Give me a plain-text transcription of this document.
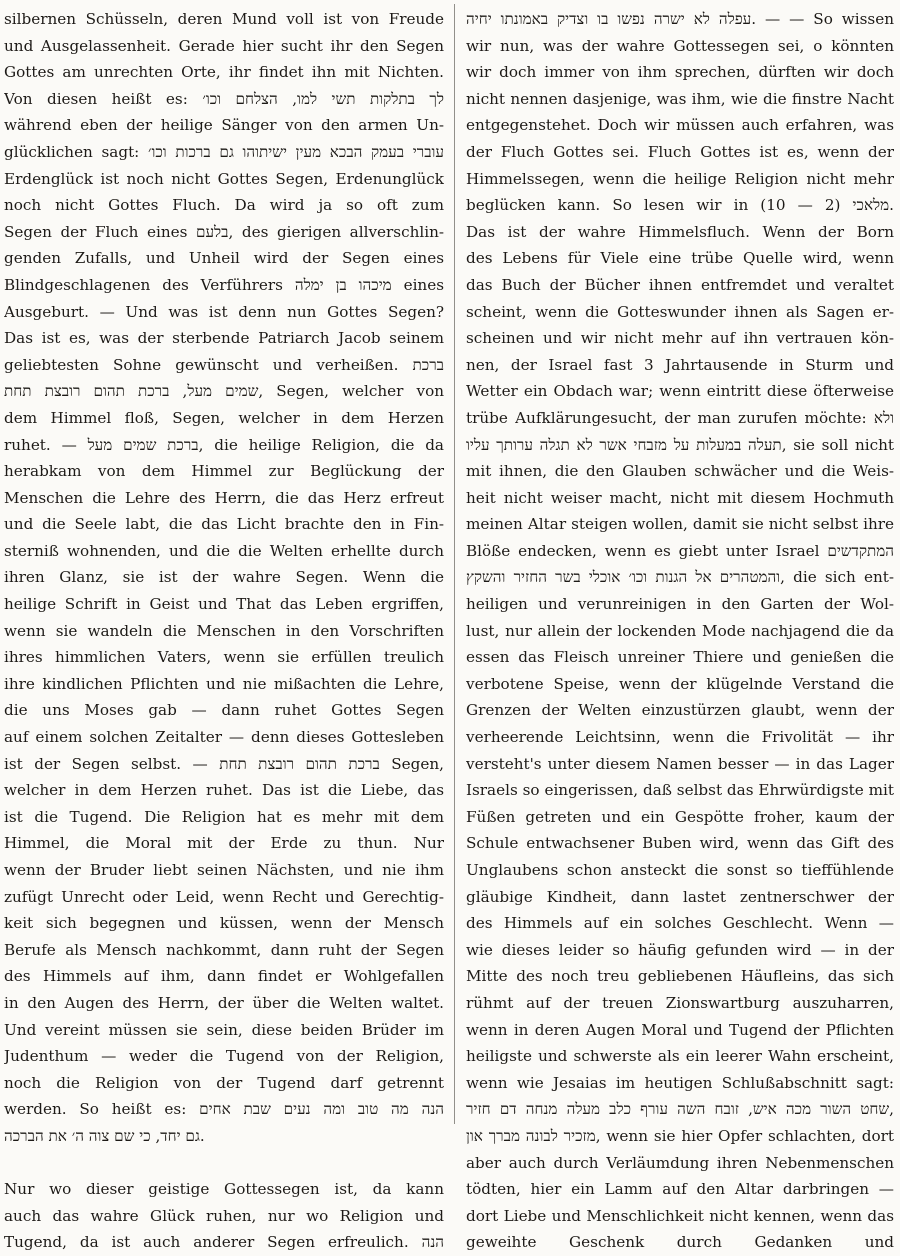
silbernen Schüsseln, deren Mund voll ist von Freude
und Ausgelassenheit. Gerade hier sucht ihr den Segen
Gottes am unrechten Orte, ihr findet ihn mit Nichten.
Von diesen heißt es: לך בתלקות תשי למו, הצלחם וכו׳
während eben der heilige Sänger von den armen Un-
glücklichen sagt: עוברי בעמק הבכא מעין ישיתוהו גם ברכות וכו׳
Erdenglück ist noch nicht Gottes Segen, Erdenunglück
noch nicht Gottes Fluch. Da wird ja so oft zum
Segen der Fluch eines בלעם, des gierigen allverschlin-
genden Zufalls, und Unheil wird der Segen eines
Blindgeschlagenen des Verführers מיכהו בן ימלה eines
Ausgeburt. — Und was ist denn nun Gottes Segen?
Das ist es, was der sterbende Patriarch Jacob seinem
geliebtesten Sohne gewünscht und verheißen. ברכת
שמים מעל, ברכת תהום רובצת תחת, Segen, welcher von
dem Himmel floß, Segen, welcher in dem Herzen
ruhet. — ברכת שמים מעל, die heilige Religion, die da
herabkam von dem Himmel zur Beglückung der
Menschen die Lehre des Herrn, die das Herz erfreut
und die Seele labt, die das Licht brachte den in Fin-
sterniß wohnenden, und die die Welten erhellte durch
ihren Glanz, sie ist der wahre Segen. Wenn die
heilige Schrift in Geist und That das Leben ergriffen,
wenn sie wandeln die Menschen in den Vorschriften
ihres himmlichen Vaters, wenn sie erfüllen treulich
ihre kindlichen Pflichten und nie mißachten die Lehre,
die uns Moses gab — dann ruhet Gottes Segen
auf einem solchen Zeitalter — denn dieses Gottesleben
ist der Segen selbst. — ברכת תהום רובצת תחת Segen,
welcher in dem Herzen ruhet. Das ist die Liebe, das
ist die Tugend. Die Religion hat es mehr mit dem
Himmel, die Moral mit der Erde zu thun. Nur
wenn der Bruder liebt seinen Nächsten, und nie ihm
zufügt Unrecht oder Leid, wenn Recht und Gerechtig-
keit sich begegnen und küssen, wenn der Mensch
Berufe als Mensch nachkommt, dann ruht der Segen
des Himmels auf ihm, dann findet er Wohlgefallen
in den Augen des Herrn, der über die Welten waltet.
Und vereint müssen sie sein, diese beiden Brüder im
Judenthum — weder die Tugend von der Religion,
noch die Religion von der Tugend darf getrennt
werden. So heißt es: הנה מה טוב ומה נעים שבת אחים
גם יחד, כי שם צוה ה׳ את הברכה.
Nur wo dieser geistige Gottessegen ist, da kann
auch das wahre Glück ruhen, nur wo Religion und
Tugend, da ist auch anderer Segen erfreulich. הנה
עפלה לא ישרה נפשו בו וצדיק באמונתו יחיה. — — So wissen
wir nun, was der wahre Gottessegen sei, o könnten
wir doch immer von ihm sprechen, dürften wir doch
nicht nennen dasjenige, was ihm, wie die finstre Nacht
entgegenstehet. Doch wir müssen auch erfahren, was
der Fluch Gottes sei. Fluch Gottes ist es, wenn der
Himmelssegen, wenn die heilige Religion nicht mehr
beglücken kann. So lesen wir in מלאכי (2 — 10).
Das ist der wahre Himmelsfluch. Wenn der Born
des Lebens für Viele eine trübe Quelle wird, wenn
das Buch der Bücher ihnen entfremdet und veraltet
scheint, wenn die Gotteswunder ihnen als Sagen er-
scheinen und wir nicht mehr auf ihn vertrauen kön-
nen, der Israel fast 3 Jahrtausende in Sturm und
Wetter ein Obdach war; wenn eintritt diese öfterweise
trübe Aufklärungesucht, der man zurufen möchte: ולא
תעלה במעלות על מזבחי אשר לא תגלה ערותך עליו, sie soll nicht
mit ihnen, die den Glauben schwächer und die Weis-
heit nicht weiser macht, nicht mit diesem Hochmuth
meinen Altar steigen wollen, damit sie nicht selbst ihre
Blöße endecken, wenn es giebt unter Israel המתקדשים
והמטהרים אל הגנות וכו׳ אוכלי בשר החזיר והשקץ, die sich ent-
heiligen und verunreinigen in den Garten der Wol-
lust, nur allein der lockenden Mode nachjagend die da
essen das Fleisch unreiner Thiere und genießen die
verbotene Speise, wenn der klügelnde Verstand die
Grenzen der Welten einzustürzen glaubt, wenn der
verheerende Leichtsinn, wenn die Frivolität — ihr
versteht's unter diesem Namen besser — in das Lager
Israels so eingerissen, daß selbst das Ehrwürdigste mit
Füßen getreten und ein Gespötte froher, kaum der
Schule entwachsener Buben wird, wenn das Gift des
Unglaubens schon ansteckt die sonst so tieffühlende
gläubige Kindheit, dann lastet zentnerschwer der
des Himmels auf ein solches Geschlecht. Wenn —
wie dieses leider so häufig gefunden wird — in der
Mitte des noch treu gebliebenen Häufleins, das sich
rühmt auf der treuen Zionswartburg auszuharren,
wenn in deren Augen Moral und Tugend der Pflichten
heiligste und schwerste als ein leerer Wahn erscheint,
wenn wie Jesaias im heutigen Schlußabschnitt sagt:
שחט השור מכה איש, זובח השה עורף כלב מעלה מנחה דם חזיר,
מזכיר לבונה מברך און, wenn sie hier Opfer schlachten, dort
aber auch durch Verläumdung ihren Nebenmenschen
tödten, hier ein Lamm auf den Altar darbringen —
dort Liebe und Menschlichkeit nicht kennen, wenn das
geweihte Geschenk durch Gedanken und
